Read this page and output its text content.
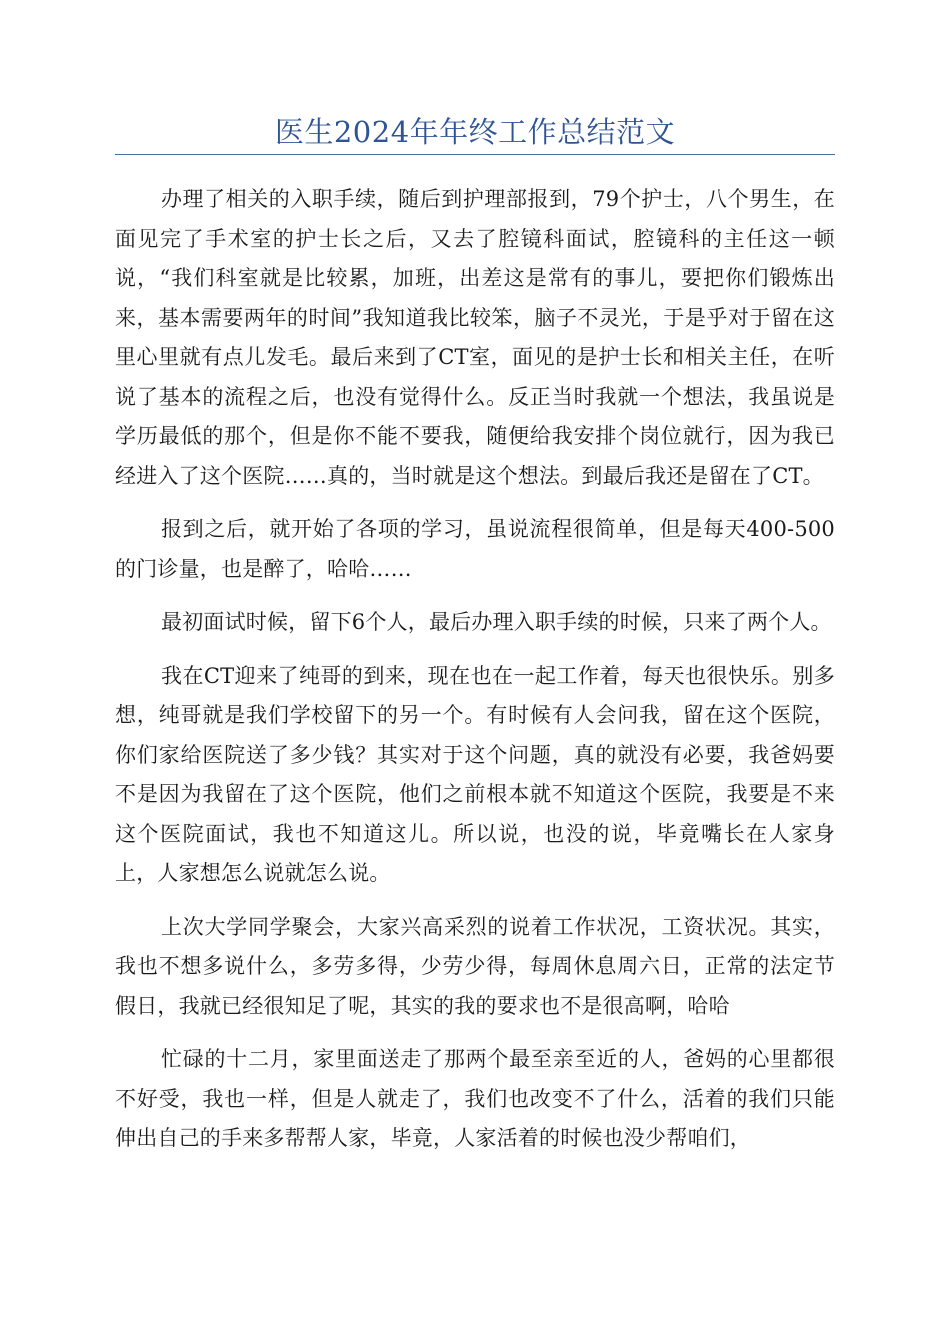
医生2024年年终工作总结范文

办理了相关的入职手续，随后到护理部报到，79个护士，八个男生，在面见完了手术室的护士长之后，又去了腔镜科面试，腔镜科的主任这一顿说，“我们科室就是比较累，加班，出差这是常有的事儿，要把你们锻炼出来，基本需要两年的时间”我知道我比较笨，脑子不灵光，于是乎对于留在这里心里就有点儿发毛。最后来到了CT室，面见的是护士长和相关主任，在听说了基本的流程之后，也没有觉得什么。反正当时我就一个想法，我虽说是学历最低的那个，但是你不能不要我，随便给我安排个岗位就行，因为我已经进入了这个医院……真的，当时就是这个想法。到最后我还是留在了CT。

报到之后，就开始了各项的学习，虽说流程很简单，但是每天400-500的门诊量，也是醉了，哈哈……

最初面试时候，留下6个人，最后办理入职手续的时候，只来了两个人。

我在CT迎来了纯哥的到来，现在也在一起工作着，每天也很快乐。别多想，纯哥就是我们学校留下的另一个。有时候有人会问我，留在这个医院，你们家给医院送了多少钱？其实对于这个问题，真的就没有必要，我爸妈要不是因为我留在了这个医院，他们之前根本就不知道这个医院，我要是不来这个医院面试，我也不知道这儿。所以说，也没的说，毕竟嘴长在人家身上，人家想怎么说就怎么说。

上次大学同学聚会，大家兴高采烈的说着工作状况，工资状况。其实，我也不想多说什么，多劳多得，少劳少得，每周休息周六日，正常的法定节假日，我就已经很知足了呢，其实的我的要求也不是很高啊，哈哈

忙碌的十二月，家里面送走了那两个最至亲至近的人，爸妈的心里都很不好受，我也一样，但是人就走了，我们也改变不了什么，活着的我们只能伸出自己的手来多帮帮人家，毕竟，人家活着的时候也没少帮咱们，
